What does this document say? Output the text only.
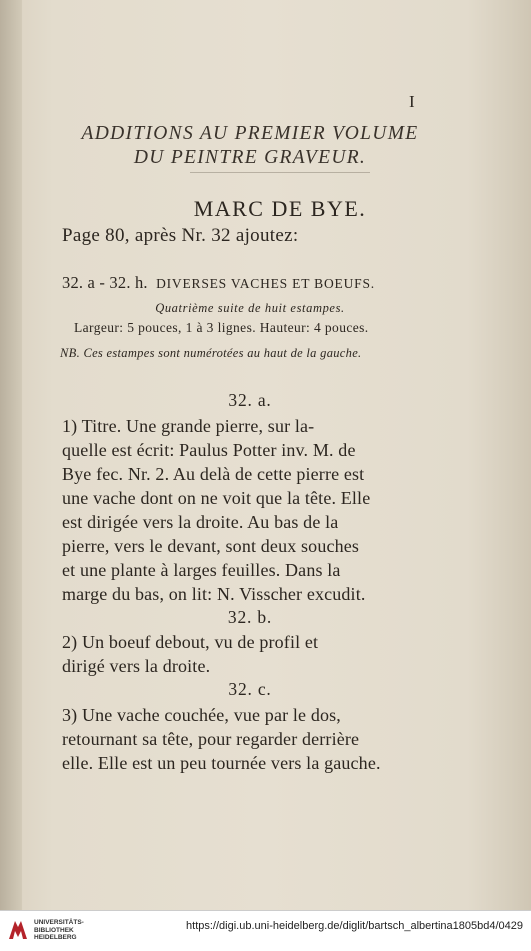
I
ADDITIONS AU PREMIER VOLUME
DU PEINTRE GRAVEUR.
MARC DE BYE.
Page 80, après Nr. 32 ajoutez:
32. a - 32. h. DIVERSES VACHES ET BOEUFS.
Quatrième suite de huit estampes.
Largeur: 5 pouces, 1 à 3 lignes. Hauteur: 4 pouces.
NB. Ces estampes sont numérotées au haut de la gauche.
32. a.
1) Titre. Une grande pierre, sur la-
quelle est écrit: Paulus Potter inv. M. de
Bye fec. Nr. 2. Au delà de cette pierre est
une vache dont on ne voit que la tête. Elle
est dirigée vers la droite. Au bas de la
pierre, vers le devant, sont deux souches
et une plante à larges feuilles. Dans la
marge du bas, on lit: N. Visscher excudit.
32. b.
2) Un boeuf debout, vu de profil et
dirigé vers la droite.
32. c.
3) Une vache couchée, vue par le dos,
retournant sa tête, pour regarder derrière
elle. Elle est un peu tournée vers la gauche.
UNIVERSITÄTS-
BIBLIOTHEK
HEIDELBERG
https://digi.ub.uni-heidelberg.de/diglit/bartsch_albertina1805bd4/0429
